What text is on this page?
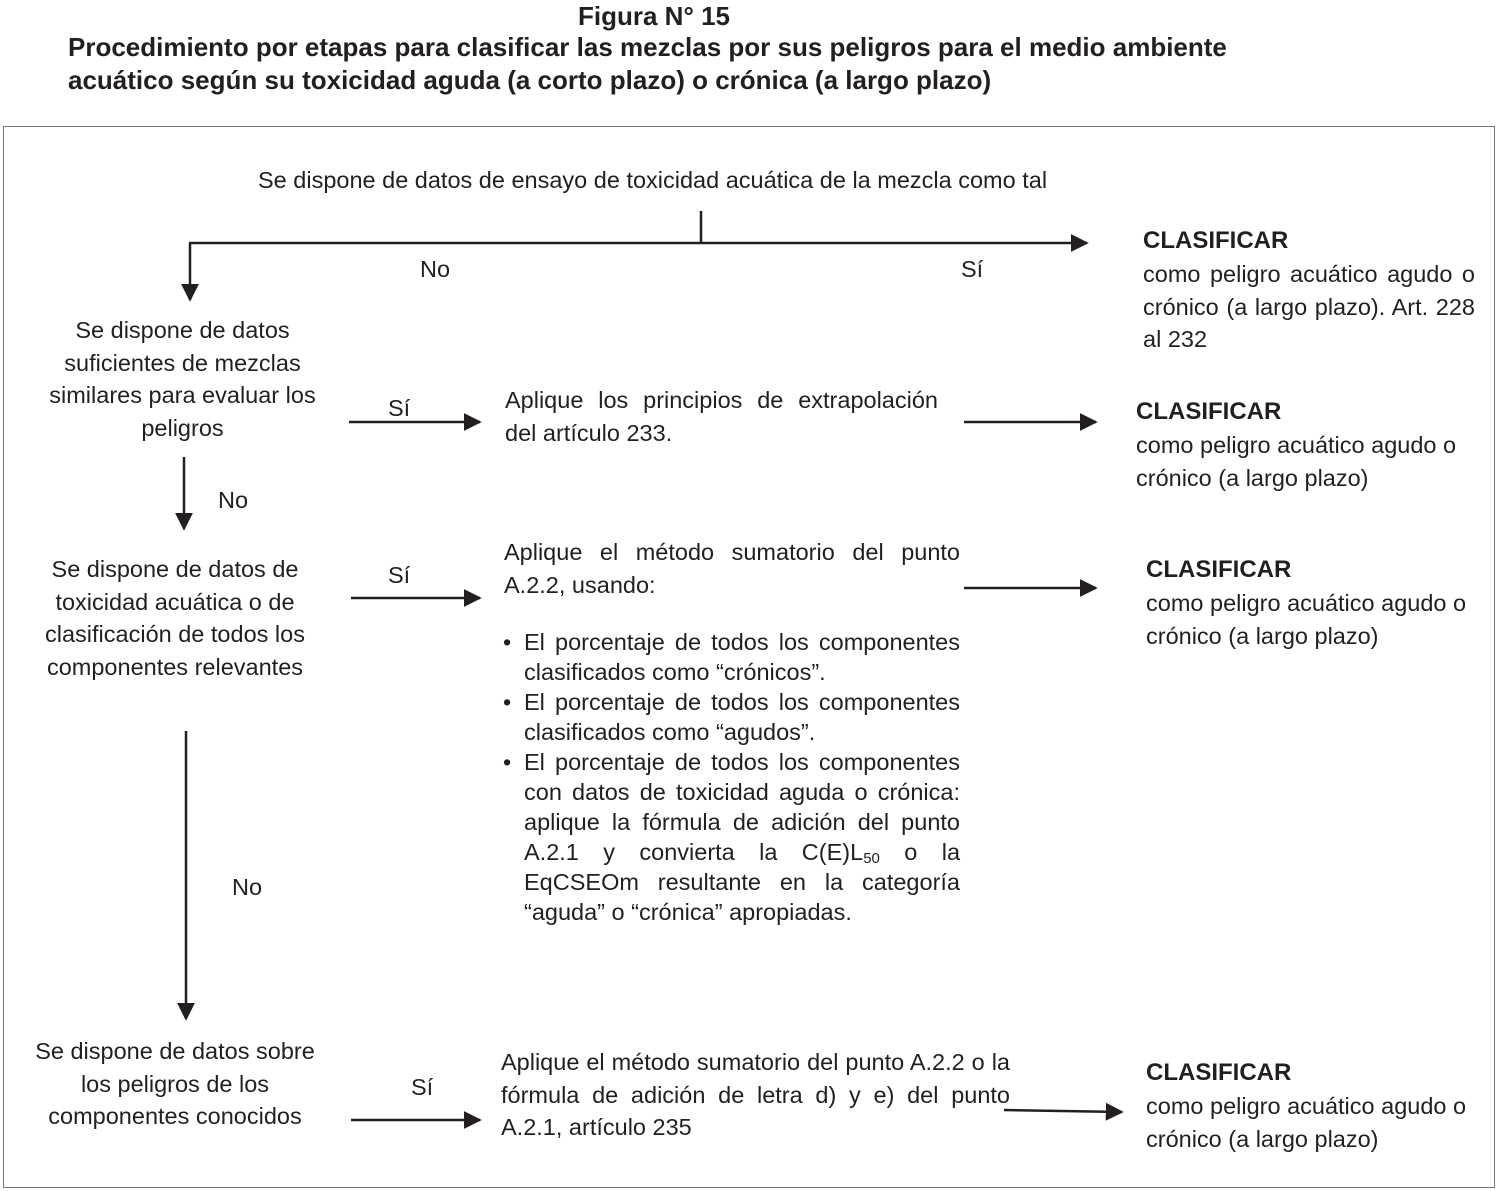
Figura N° 15
Procedimiento por etapas para clasificar las mezclas por sus peligros para el medio ambiente acuático según su toxicidad aguda (a corto plazo) o crónica (a largo plazo)
Se dispone de datos de ensayo de toxicidad acuática de la mezcla como tal
No	Sí
CLASIFICAR
como peligro acuático agudo o crónico (a largo plazo). Art. 228 al 232
Se dispone de datos suficientes de mezclas similares para evaluar los peligros
Sí	Aplique los principios de extrapolación del artículo 233.
CLASIFICAR
como peligro acuático agudo o crónico (a largo plazo)
No
Se dispone de datos de toxicidad acuática o de clasificación de todos los componentes relevantes
Sí
Aplique el método sumatorio del punto A.2.2, usando:
• El porcentaje de todos los componentes clasificados como “crónicos”.
• El porcentaje de todos los componentes clasificados como “agudos”.
• El porcentaje de todos los componentes con datos de toxicidad aguda o crónica: aplique la fórmula de adición del punto A.2.1 y convierta la $C(E)L_{50}$ o la EqCSEOm resultante en la categoría “aguda” o “crónica” apropiadas.
CLASIFICAR
como peligro acuático agudo o crónico (a largo plazo)
No
Se dispone de datos sobre los peligros de los componentes conocidos
Sí
Aplique el método sumatorio del punto A.2.2 o la fórmula de adición de letra d) y e) del punto A.2.1, artículo 235
CLASIFICAR
como peligro acuático agudo o crónico (a largo plazo)
